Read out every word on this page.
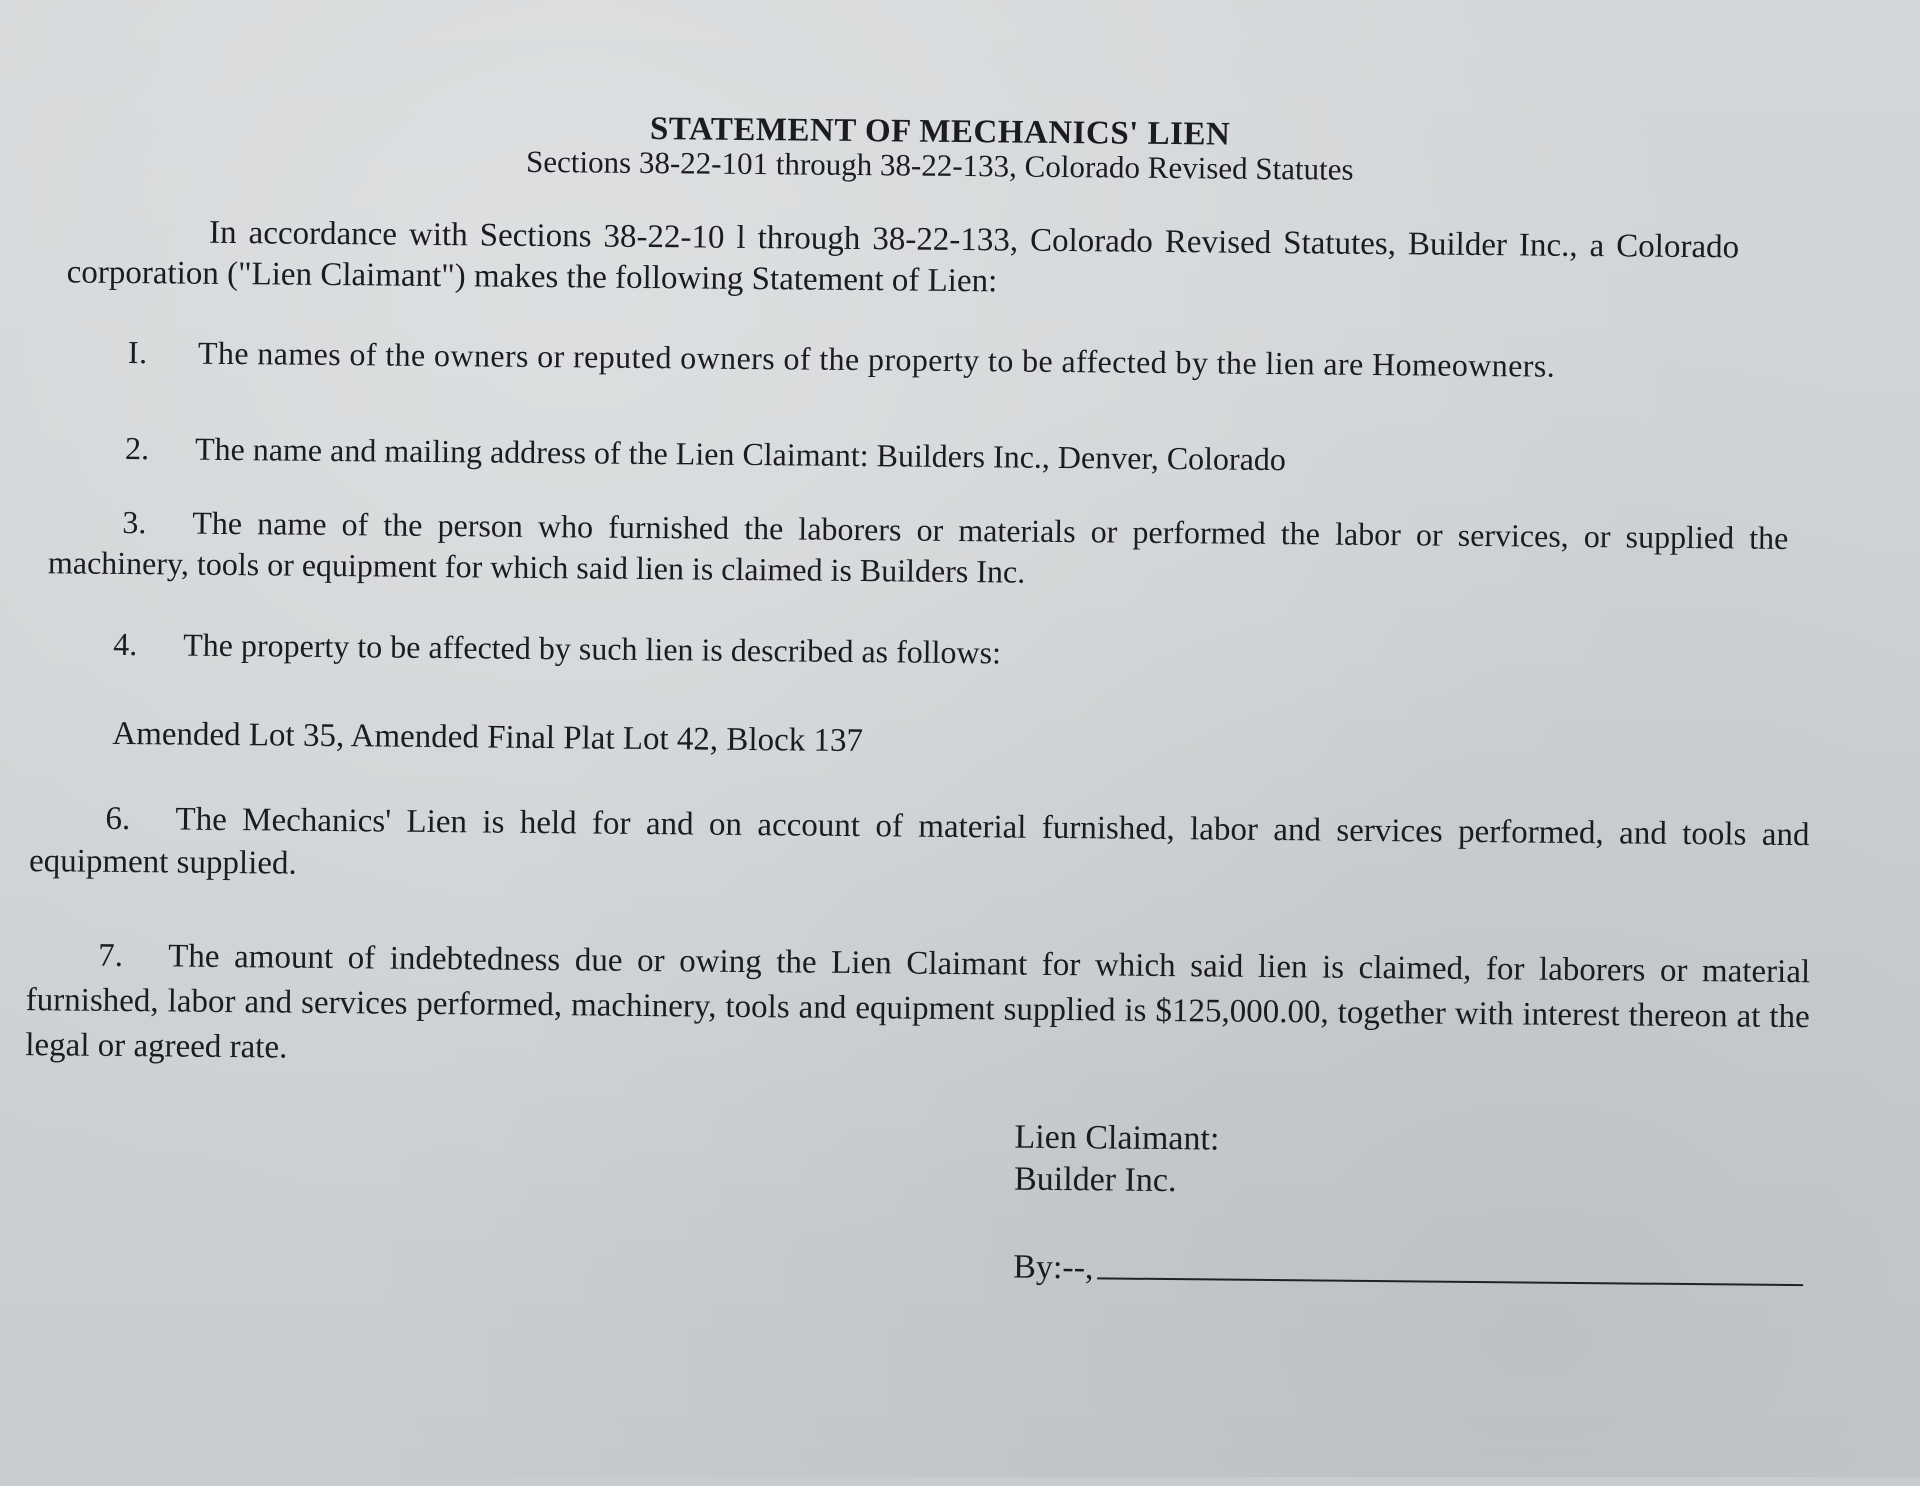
STATEMENT OF MECHANICS' LIEN
Sections 38-22-101 through 38-22-133, Colorado Revised Statutes
In accordance with Sections 38-22-10 l through 38-22-133, Colorado Revised Statutes, Builder Inc., a Colorado corporation ("Lien Claimant") makes the following Statement of Lien:
I. The names of the owners or reputed owners of the property to be affected by the lien are Homeowners.
2. The name and mailing address of the Lien Claimant: Builders Inc., Denver, Colorado
3. The name of the person who furnished the laborers or materials or performed the labor or services, or supplied the machinery, tools or equipment for which said lien is claimed is Builders Inc.
4. The property to be affected by such lien is described as follows:
Amended Lot 35, Amended Final Plat Lot 42, Block 137
6. The Mechanics' Lien is held for and on account of material furnished, labor and services performed, and tools and equipment supplied.
7. The amount of indebtedness due or owing the Lien Claimant for which said lien is claimed, for laborers or material furnished, labor and services performed, machinery, tools and equipment supplied is $125,000.00, together with interest thereon at the legal or agreed rate.
Lien Claimant:
Builder Inc.
By:--,
